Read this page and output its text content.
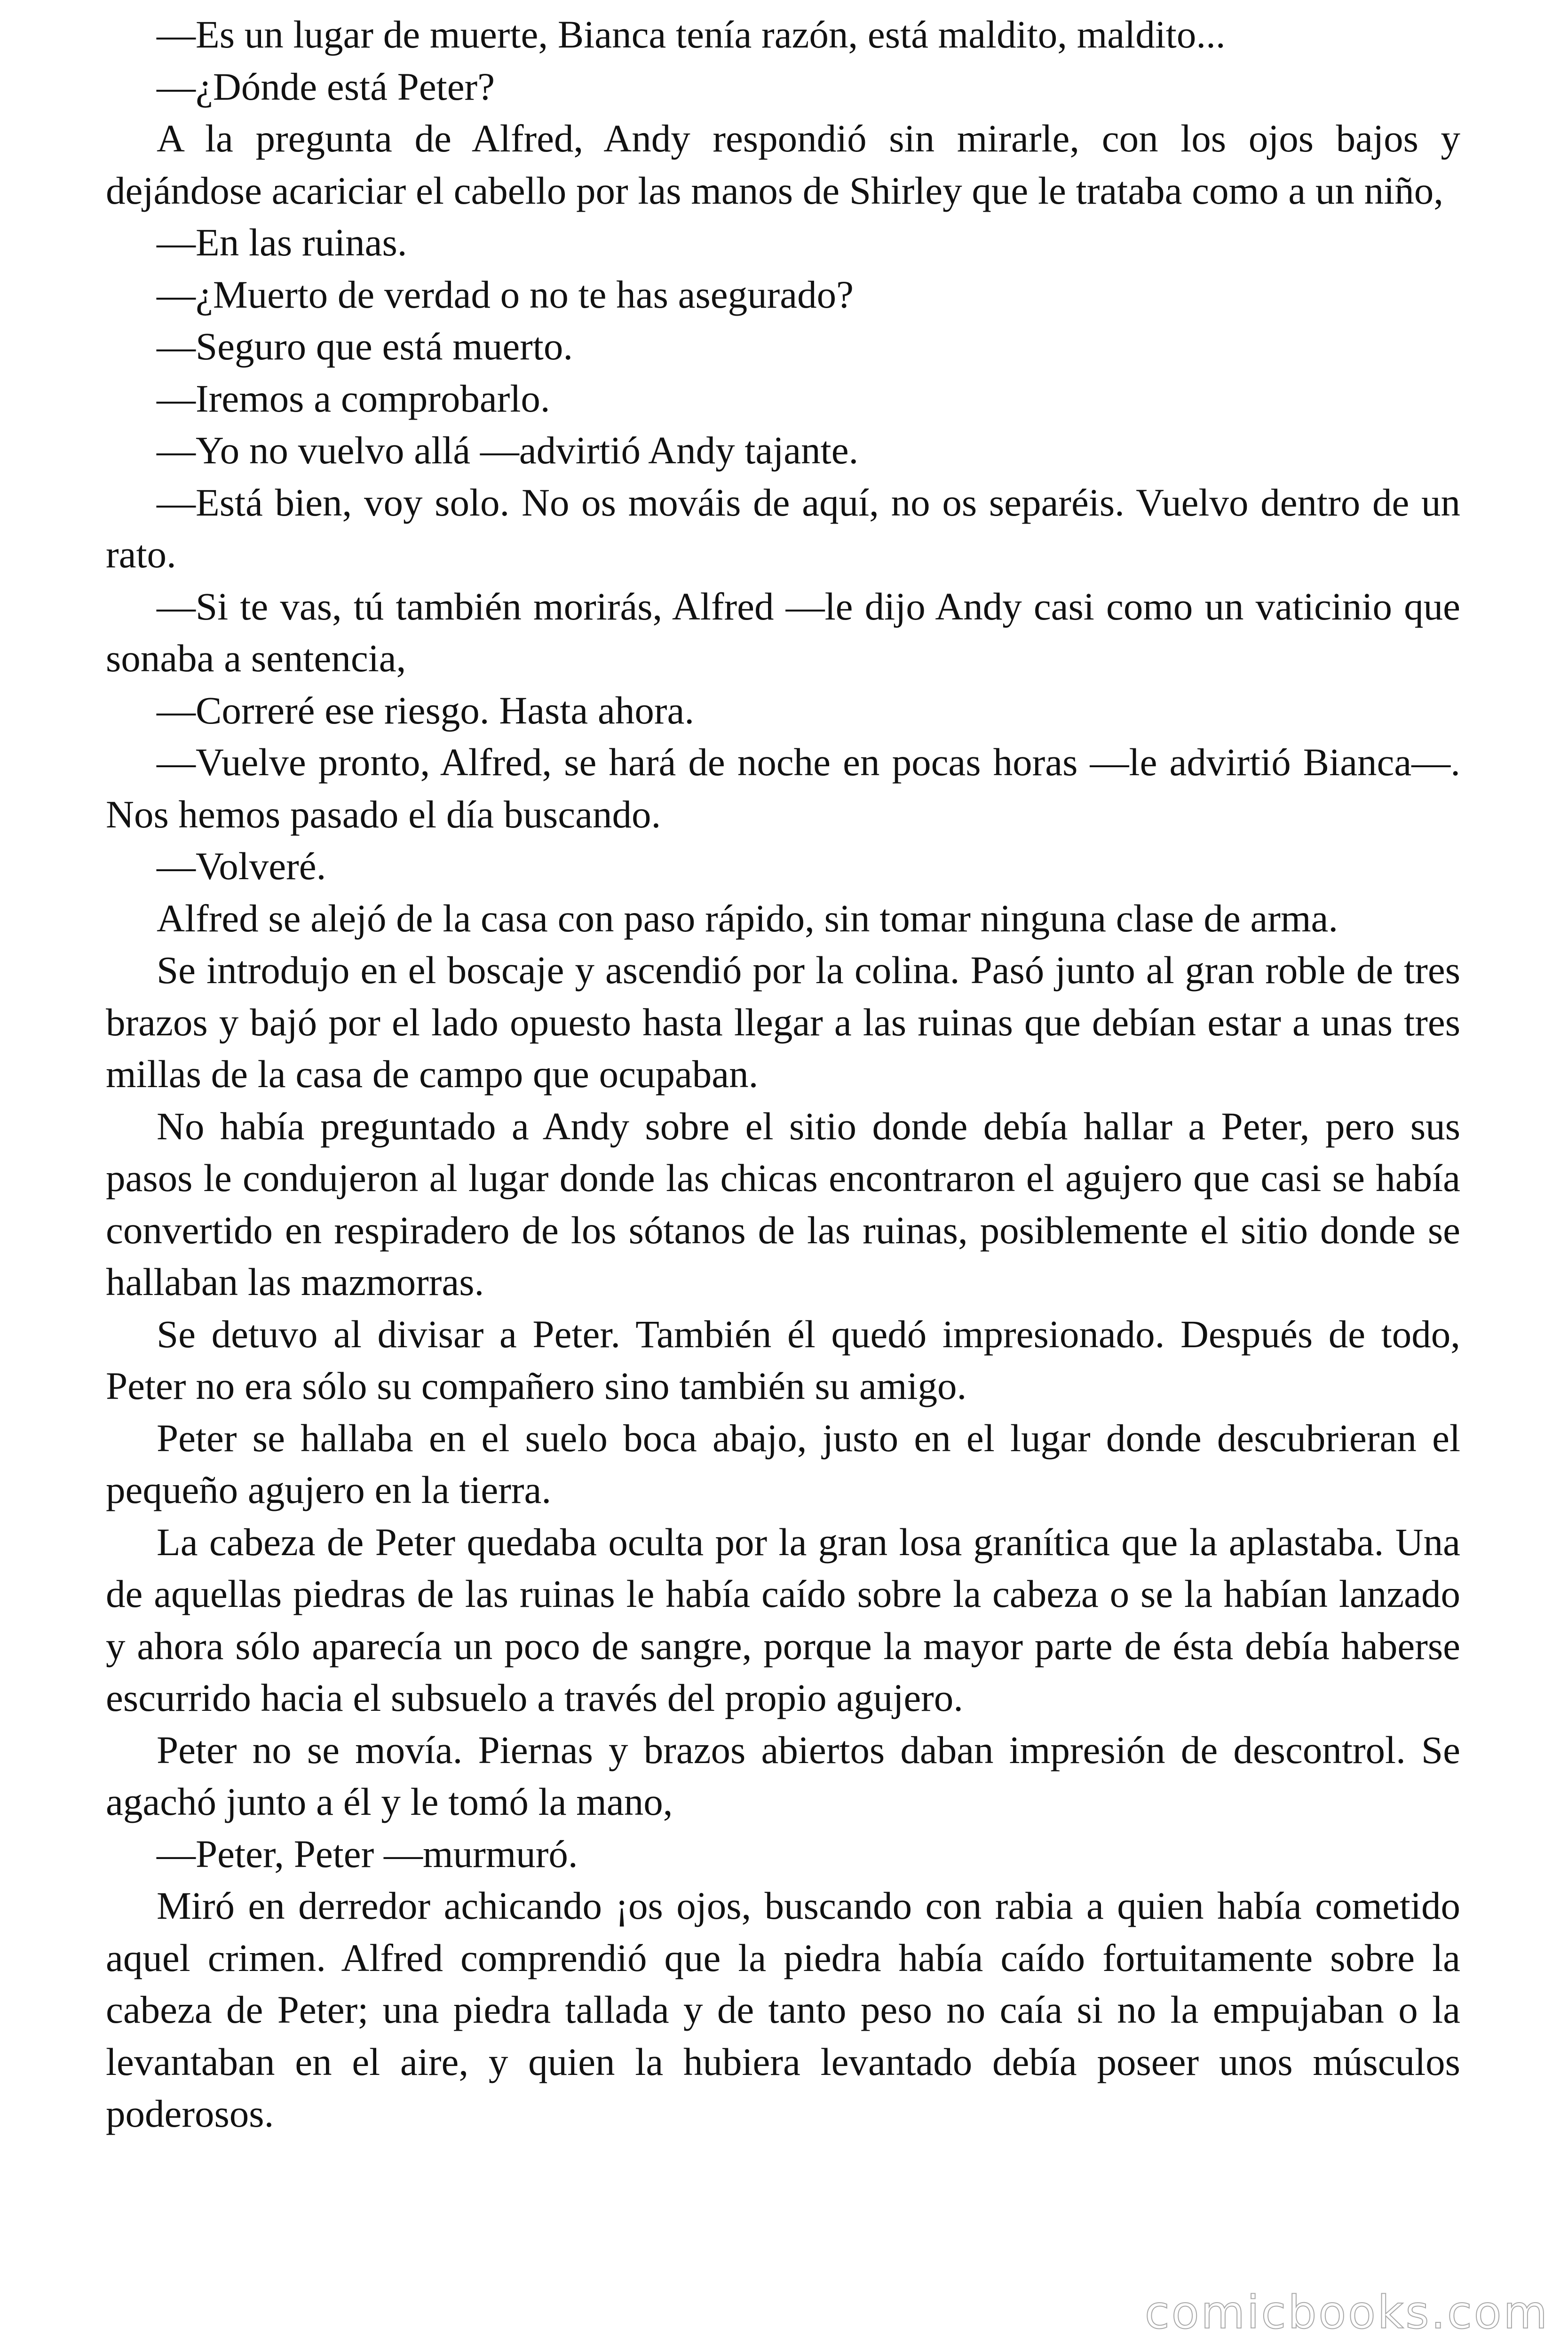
—Es un lugar de muerte, Bianca tenía razón, está maldito, maldito...

—¿Dónde está Peter?

A la pregunta de Alfred, Andy respondió sin mirarle, con los ojos bajos y dejándose acariciar el cabello por las manos de Shirley que le trataba como a un niño,

—En las ruinas.

—¿Muerto de verdad o no te has asegurado?

—Seguro que está muerto.

—Iremos a comprobarlo.

—Yo no vuelvo allá —advirtió Andy tajante.

—Está bien, voy solo. No os mováis de aquí, no os separéis. Vuelvo dentro de un rato.

—Si te vas, tú también morirás, Alfred —le dijo Andy casi como un vaticinio que sonaba a sentencia,

—Correré ese riesgo. Hasta ahora.

—Vuelve pronto, Alfred, se hará de noche en pocas horas —le advirtió Bianca—. Nos hemos pasado el día buscando.

—Volveré.

Alfred se alejó de la casa con paso rápido, sin tomar ninguna clase de arma.

Se introdujo en el boscaje y ascendió por la colina. Pasó junto al gran roble de tres brazos y bajó por el lado opuesto hasta llegar a las ruinas que debían estar a unas tres millas de la casa de campo que ocupaban.

No había preguntado a Andy sobre el sitio donde debía hallar a Peter, pero sus pasos le condujeron al lugar donde las chicas encontraron el agujero que casi se había convertido en respiradero de los sótanos de las ruinas, posiblemente el sitio donde se hallaban las mazmorras.

Se detuvo al divisar a Peter. También él quedó impresionado. Después de todo, Peter no era sólo su compañero sino también su amigo.

Peter se hallaba en el suelo boca abajo, justo en el lugar donde descubrieran el pequeño agujero en la tierra.

La cabeza de Peter quedaba oculta por la gran losa granítica que la aplastaba. Una de aquellas piedras de las ruinas le había caído sobre la cabeza o se la habían lanzado y ahora sólo aparecía un poco de sangre, porque la mayor parte de ésta debía haberse escurrido hacia el subsuelo a través del propio agujero.

Peter no se movía. Piernas y brazos abiertos daban impresión de descontrol. Se agachó junto a él y le tomó la mano,

—Peter, Peter —murmuró.

Miró en derredor achicando ¡os ojos, buscando con rabia a quien había cometido aquel crimen. Alfred comprendió que la piedra había caído fortuitamente sobre la cabeza de Peter; una piedra tallada y de tanto peso no caía si no la empujaban o la levantaban en el aire, y quien la hubiera levantado debía poseer unos músculos poderosos.

comicbooks.com
